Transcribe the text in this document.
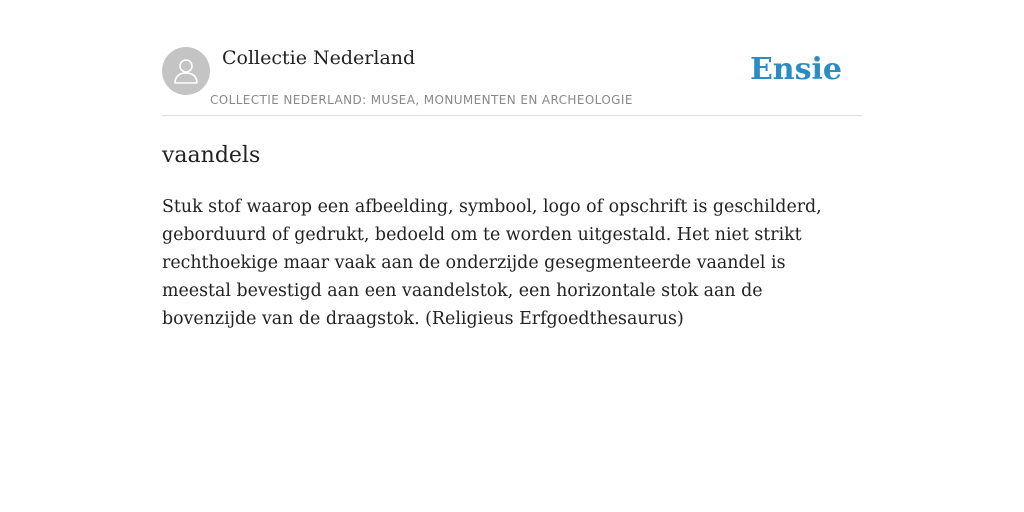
Collectie Nederland
COLLECTIE NEDERLAND: MUSEA, MONUMENTEN EN ARCHEOLOGIE
Ensie
vaandels

Stuk stof waarop een afbeelding, symbool, logo of opschrift is geschilderd, geborduurd of gedrukt, bedoeld om te worden uitgestald. Het niet strikt rechthoekige maar vaak aan de onderzijde gesegmenteerde vaandel is meestal bevestigd aan een vaandelstok, een horizontale stok aan de bovenzijde van de draagstok. (Religieus Erfgoedthesaurus)
